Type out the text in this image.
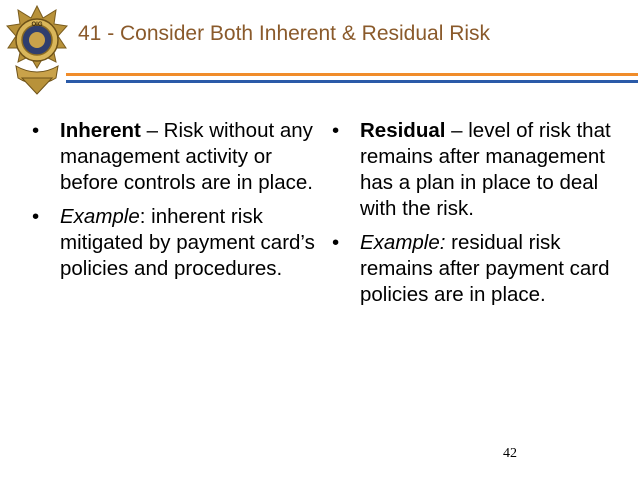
OIG 41 - Consider Both Inherent & Residual Risk
• Inherent – Risk without any management activity or before controls are in place.
• Example: inherent risk mitigated by payment card’s policies and procedures.
• Residual – level of risk that remains after management has a plan in place to deal with the risk.
• Example: residual risk remains after payment card policies are in place.
42
